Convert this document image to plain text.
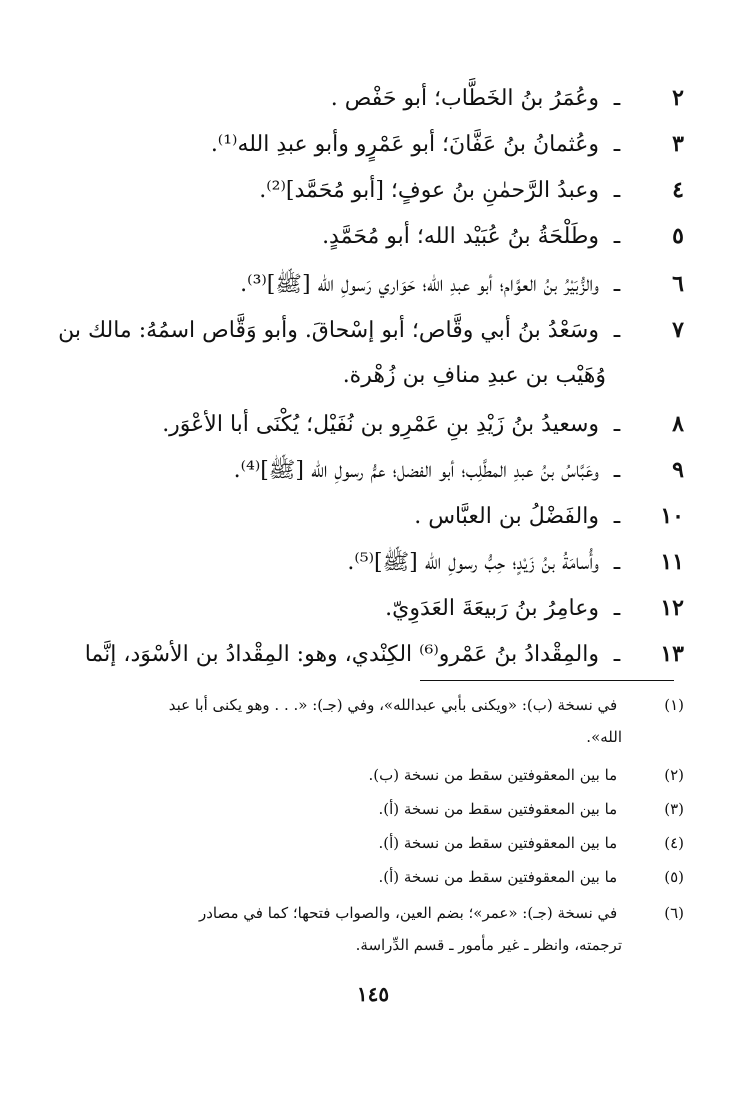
٢ـ وعُمَرُ بنُ الخَطَّاب؛ أبو حَفْص .
٣ـ وعُثمانُ بنُ عَفَّانَ؛ أبو عَمْرٍو وأبو عبدِ الله⁽¹⁾.
٤ـ وعبدُ الرَّحمٰنِ بنُ عوفٍ؛ [أبو مُحَمَّد]⁽²⁾.
٥ـ وطَلْحَةُ بنُ عُبَيْد الله؛ أبو مُحَمَّدٍ.
٦ـ والزُّبَيْرُ بنُ العوَّام؛ أبو عبدِ الله؛ حَوَاري رَسولِ الله [ﷺ]⁽³⁾.
٧ـ وسَعْدُ بنُ أبي وقَّاص؛ أبو إسْحاقَ. وأبو وَقَّاص اسمُهُ: مالك بن
وُهَيْب بن عبدِ منافِ بن زُهْرة.
٨ـ وسعيدُ بنُ زَيْدِ بنِ عَمْرِو بن نُفَيْل؛ يُكْنَى أبا الأعْوَر.
٩ـ وعَبَّاسُ بنُ عبدِ المطَّلِب؛ أبو الفضل؛ عمُّ رسولِ الله [ﷺ]⁽⁴⁾.
١٠ـ والفَضْلُ بن العبَّاس .
١١ـ وأُسامَةُ بنُ زَيْدٍ؛ حِبُّ رسولِ الله [ﷺ]⁽⁵⁾.
١٢ـ وعامِرُ بنُ رَبيعَةَ العَدَوِيّ.
١٣ـ والمِقْدادُ بنُ عَمْرو⁽⁶⁾ الكِنْدي، وهو: المِقْدادُ بن الأسْوَد، إنَّما
(١) في نسخة (ب): «ويكنى بأبي عبدالله»، وفي (جـ): «. . . وهو يكنى أبا عبد
الله».
(٢) ما بين المعقوفتين سقط من نسخة (ب).
(٣) ما بين المعقوفتين سقط من نسخة (أ).
(٤) ما بين المعقوفتين سقط من نسخة (أ).
(٥) ما بين المعقوفتين سقط من نسخة (أ).
(٦) في نسخة (جـ): «عمر»؛ بضم العين، والصواب فتحها؛ كما في مصادر
ترجمته، وانظر ـ غير مأمور ـ قسم الدِّراسة.
١٤٥
